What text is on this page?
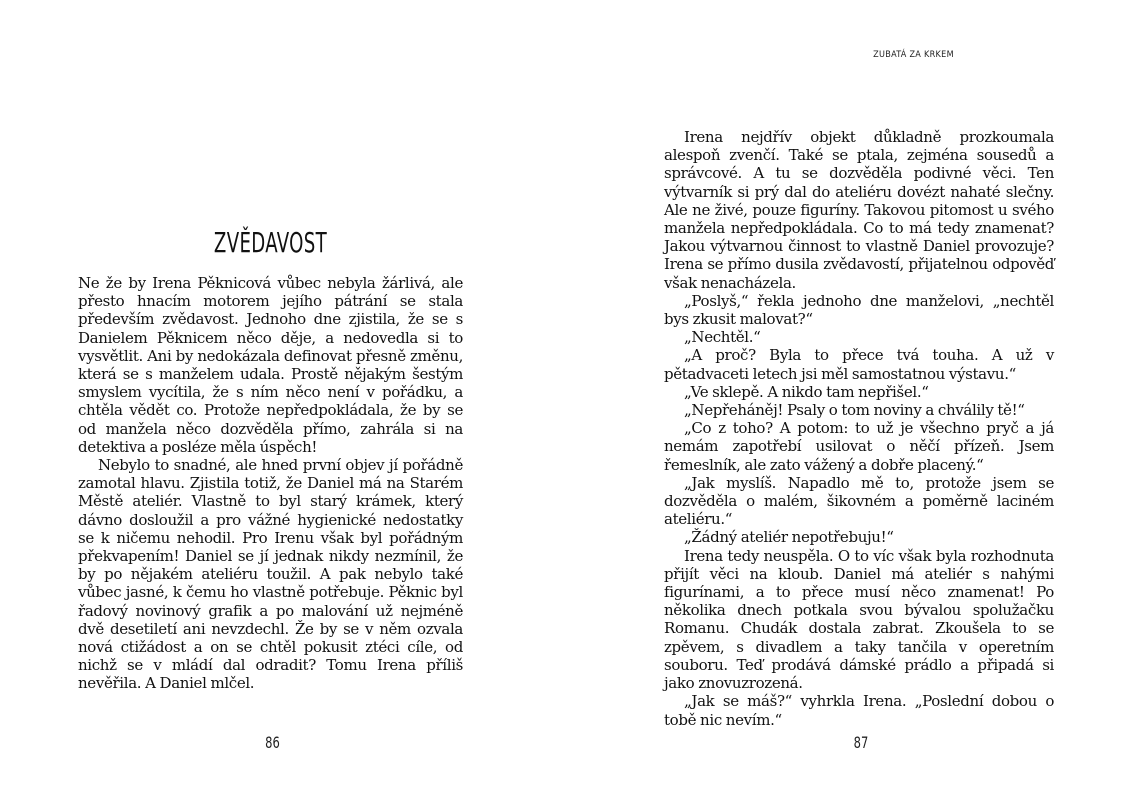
ZVĚDAVOST

Ne že by Irena Pěknicová vůbec nebyla žárlivá, ale přesto hnacím motorem jejího pátrání se stala především zvědavost. Jednoho dne zjistila, že se s Danielem Pěknicem něco děje, a nedovedla si to vysvětlit. Ani by nedokázala definovat přesně změnu, která se s manželem udala. Prostě nějakým šestým smyslem vycítila, že s ním něco není v pořádku, a chtěla vědět co. Protože nepředpokládala, že by se od manžela něco dozvěděla přímo, zahrála si na detektiva a posléze měla úspěch!

Nebylo to snadné, ale hned první objev jí pořádně zamotal hlavu. Zjistila totiž, že Daniel má na Starém Městě ateliér. Vlastně to byl starý krámek, který dávno dosloužil a pro vážné hygienické nedostatky se k ničemu nehodil. Pro Irenu však byl pořádným překvapením! Daniel se jí jednak nikdy nezmínil, že by po nějakém ateliéru toužil. A pak nebylo také vůbec jasné, k čemu ho vlastně potřebuje. Pěknic byl řadový novinový grafik a po malování už nejméně dvě desetiletí ani nevzdechl. Že by se v něm ozvala nová ctižádost a on se chtěl pokusit ztéci cíle, od nichž se v mládí dal odradit? Tomu Irena příliš nevěřila. A Daniel mlčel.

86
ZUBATÁ ZA KRKEM

Irena nejdřív objekt důkladně prozkoumala alespoň zvenčí. Také se ptala, zejména sousedů a správcové. A tu se dozvěděla podivné věci. Ten výtvarník si prý dal do ateliéru dovézt nahaté slečny. Ale ne živé, pouze figuríny. Takovou pitomost u svého manžela nepředpokládala. Co to má tedy znamenat? Jakou výtvarnou činnost to vlastně Daniel provozuje? Irena se přímo dusila zvědavostí, přijatelnou odpověď však nenacházela.

„Poslyš,“ řekla jednoho dne manželovi, „nechtěl bys zkusit malovat?“

„Nechtěl.“

„A proč? Byla to přece tvá touha. A už v pětadvaceti letech jsi měl samostatnou výstavu.“

„Ve sklepě. A nikdo tam nepřišel.“

„Nepřeháněj! Psaly o tom noviny a chválily tě!“

„Co z toho? A potom: to už je všechno pryč a já nemám zapotřebí usilovat o něčí přízeň. Jsem řemeslník, ale zato vážený a dobře placený.“

„Jak myslíš. Napadlo mě to, protože jsem se dozvěděla o malém, šikovném a poměrně laciném ateliéru.“

„Žádný ateliér nepotřebuju!“

Irena tedy neuspěla. O to víc však byla rozhodnuta přijít věci na kloub. Daniel má ateliér s nahými figurínami, a to přece musí něco znamenat! Po několika dnech potkala svou bývalou spolužačku Romanu. Chudák dostala zabrat. Zkoušela to se zpěvem, s divadlem a taky tančila v operetním souboru. Teď prodává dámské prádlo a připadá si jako znovuzrozená.

„Jak se máš?“ vyhrkla Irena. „Poslední dobou o tobě nic nevím.“

87
